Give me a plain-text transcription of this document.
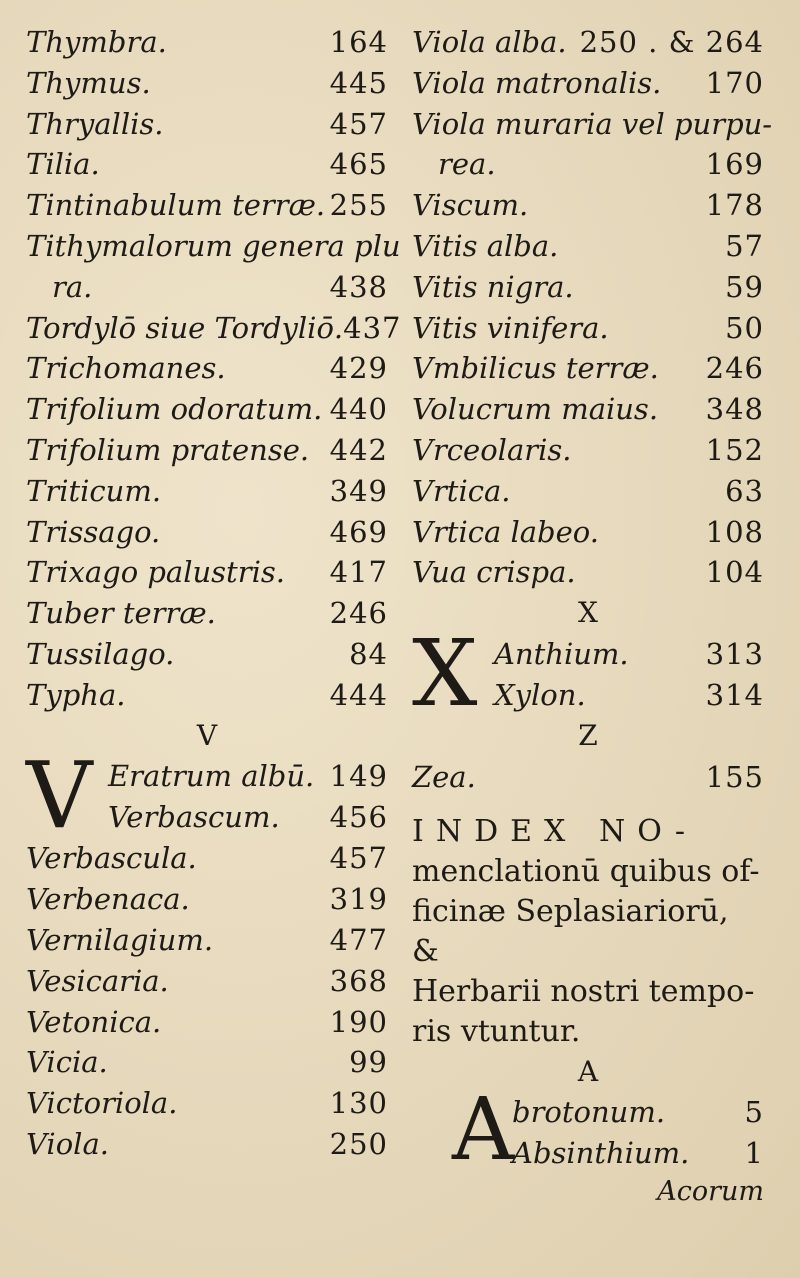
Thymbra.	164
Thymus.	445
Thryallis.	457
Tilia.	465
Tintinabulum terræ. 255
Tithymalorum genera plu
ra.	438
Tordylō siue Tordyliō. 437
Trichomanes.	429
Trifolium odoratum. 440
Trifolium pratense. 442
Triticum.	349
Trissago.	469
Trixago palustris. 417
Tuber terræ.	246
Tussilago.	84
Typha.	444
V
V Eratrum albū. 149
Verbascum. 456
Verbascula.	457
Verbenaca.	319
Vernilagium.	477
Vesicaria.	368
Vetonica.	190
Vicia.	99
Victoriola.	130
Viola.	250
Viola alba. 250 . & 264
Viola matronalis. 170
Viola muraria vel purpu-
rea.	169
Viscum.	178
Vitis alba.	57
Vitis nigra.	59
Vitis vinifera.	50
Vmbilicus terræ. 246
Volucrum maius. 348
Vrceolaris.	152
Vrtica.	63
Vrtica labeo.	108
Vua crispa.	104
X
X Anthium.	313
Xylon.	314
Z
Zea.	155
INDEX NO-
menclationū quibus of-
ficinæ Seplasiariorū, &
Herbarii nostri tempo-
ris vtuntur.
A
A
brotonum.	5
Absinthium. 1
Acorum
